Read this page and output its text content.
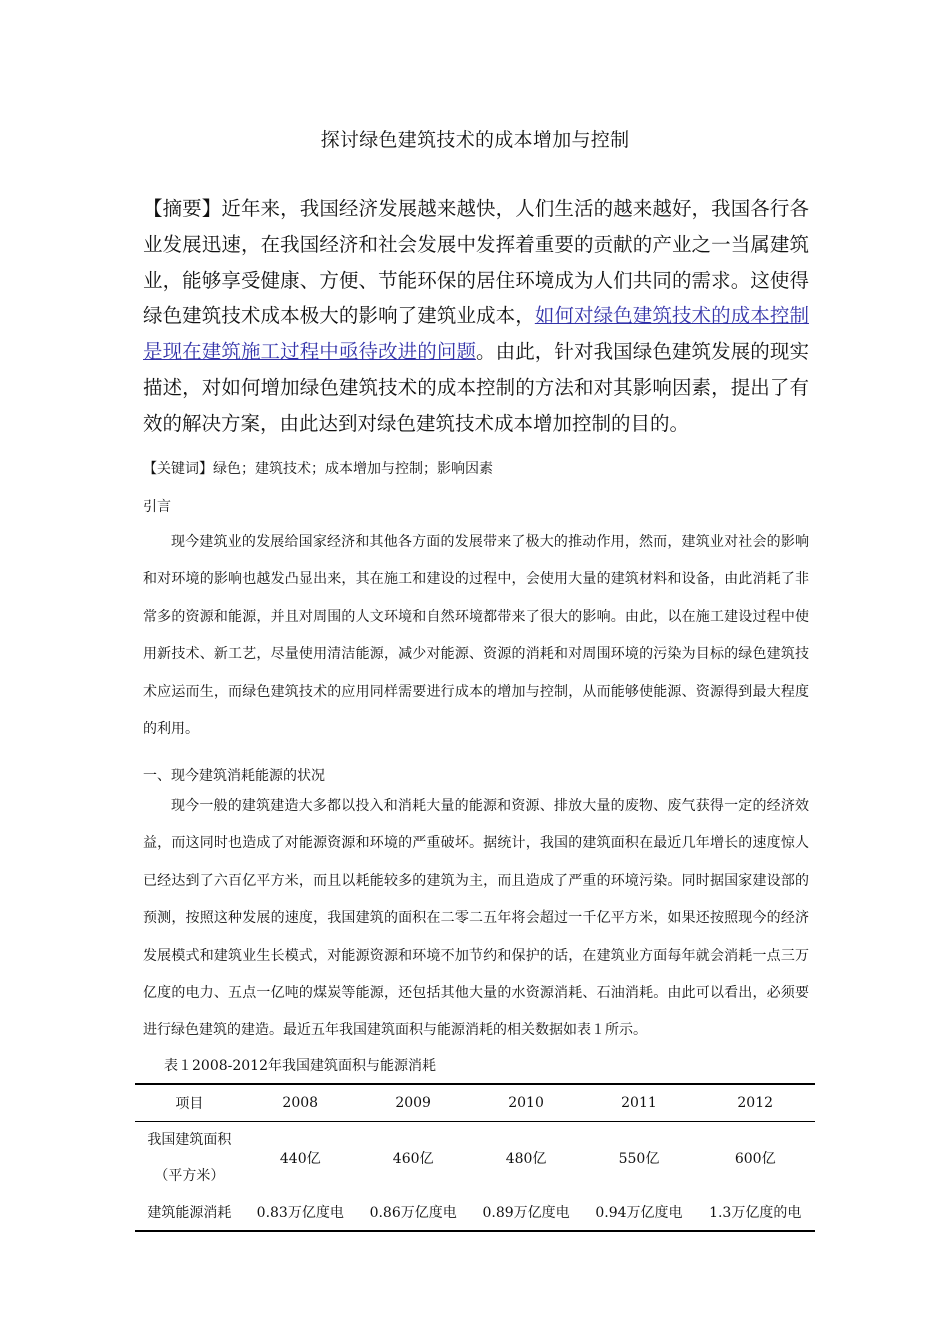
探讨绿色建筑技术的成本增加与控制
【摘要】近年来，我国经济发展越来越快，人们生活的越来越好，我国各行各业发展迅速，在我国经济和社会发展中发挥着重要的贡献的产业之一当属建筑业，能够享受健康、方便、节能环保的居住环境成为人们共同的需求。这使得绿色建筑技术成本极大的影响了建筑业成本，如何对绿色建筑技术的成本控制是现在建筑施工过程中亟待改进的问题。由此，针对我国绿色建筑发展的现实描述，对如何增加绿色建筑技术的成本控制的方法和对其影响因素，提出了有效的解决方案，由此达到对绿色建筑技术成本增加控制的目的。
【关键词】绿色；建筑技术；成本增加与控制；影响因素
引言
现今建筑业的发展给国家经济和其他各方面的发展带来了极大的推动作用，然而，建筑业对社会的影响和对环境的影响也越发凸显出来，其在施工和建设的过程中，会使用大量的建筑材料和设备，由此消耗了非常多的资源和能源，并且对周围的人文环境和自然环境都带来了很大的影响。由此，以在施工建设过程中使用新技术、新工艺，尽量使用清洁能源，减少对能源、资源的消耗和对周围环境的污染为目标的绿色建筑技术应运而生，而绿色建筑技术的应用同样需要进行成本的增加与控制，从而能够使能源、资源得到最大程度的利用。
一、现今建筑消耗能源的状况
现今一般的建筑建造大多都以投入和消耗大量的能源和资源、排放大量的废物、废气获得一定的经济效益，而这同时也造成了对能源资源和环境的严重破坏。据统计，我国的建筑面积在最近几年增长的速度惊人已经达到了六百亿平方米，而且以耗能较多的建筑为主，而且造成了严重的环境污染。同时据国家建设部的预测，按照这种发展的速度，我国建筑的面积在二零二五年将会超过一千亿平方米，如果还按照现今的经济发展模式和建筑业生长模式，对能源资源和环境不加节约和保护的话，在建筑业方面每年就会消耗一点三万亿度的电力、五点一亿吨的煤炭等能源，还包括其他大量的水资源消耗、石油消耗。由此可以看出，必须要进行绿色建筑的建造。最近五年我国建筑面积与能源消耗的相关数据如表１所示。
表１2008-2012年我国建筑面积与能源消耗
项目	2008	2009	2010	2011	2012

我国建筑面积
（平方米）	440亿	460亿	480亿	550亿	600亿
建筑能源消耗	0.83万亿度电	0.86万亿度电	0.89万亿度电	0.94万亿度电	1.3万亿度的电
